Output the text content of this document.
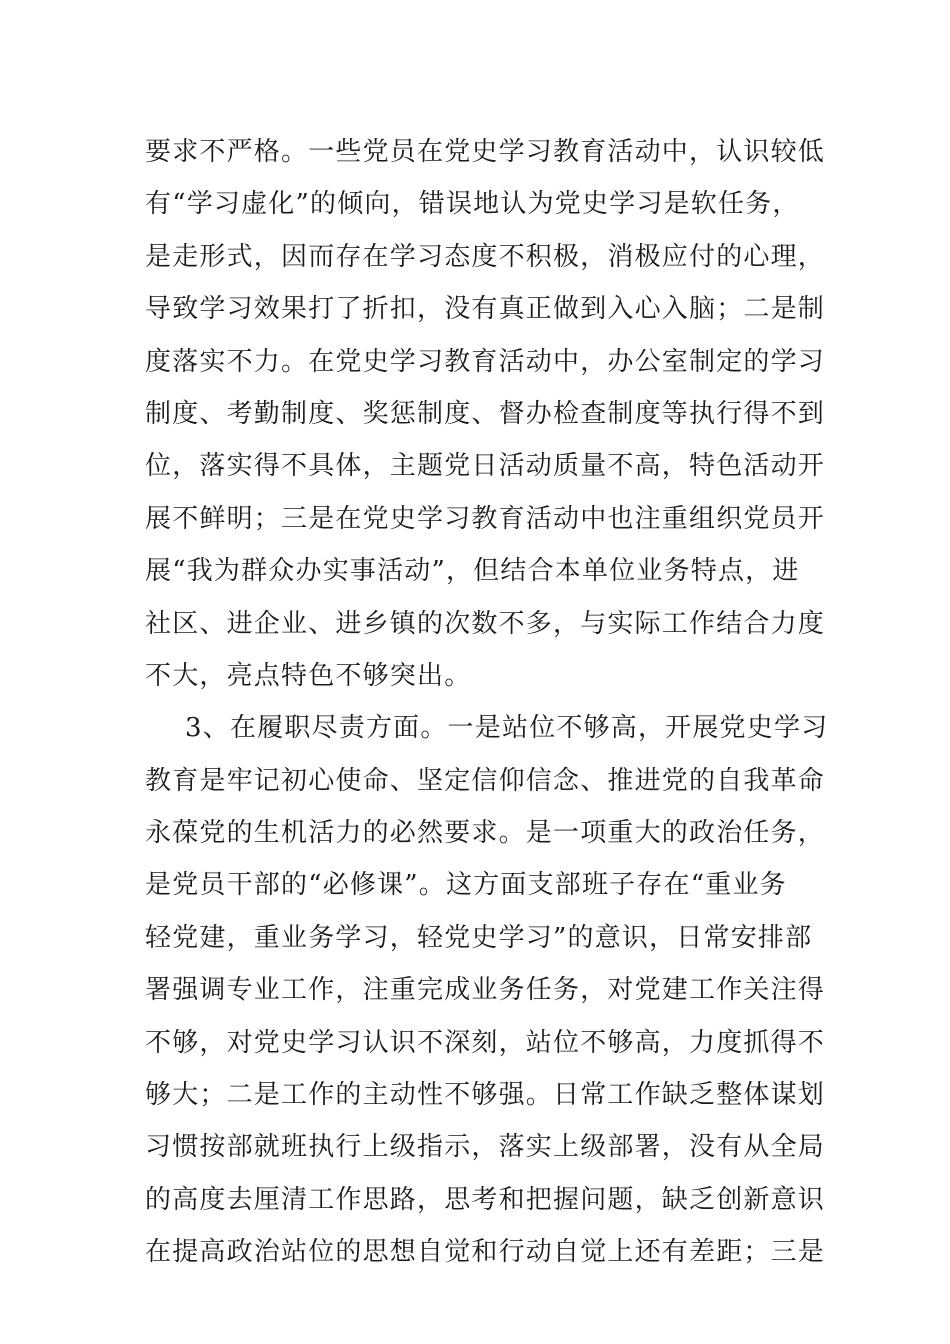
要求不严格。一些党员在党史学习教育活动中，认识较低
有“学习虚化”的倾向，错误地认为党史学习是软任务，
是走形式，因而存在学习态度不积极，消极应付的心理，
导致学习效果打了折扣，没有真正做到入心入脑；二是制
度落实不力。在党史学习教育活动中，办公室制定的学习
制度、考勤制度、奖惩制度、督办检查制度等执行得不到
位，落实得不具体，主题党日活动质量不高，特色活动开
展不鲜明；三是在党史学习教育活动中也注重组织党员开
展“我为群众办实事活动”，但结合本单位业务特点，进
社区、进企业、进乡镇的次数不多，与实际工作结合力度
不大，亮点特色不够突出。
3、在履职尽责方面。一是站位不够高，开展党史学习
教育是牢记初心使命、坚定信仰信念、推进党的自我革命
永葆党的生机活力的必然要求。是一项重大的政治任务，
是党员干部的“必修课”。这方面支部班子存在“重业务
轻党建，重业务学习，轻党史学习”的意识，日常安排部
署强调专业工作，注重完成业务任务，对党建工作关注得
不够，对党史学习认识不深刻，站位不够高，力度抓得不
够大；二是工作的主动性不够强。日常工作缺乏整体谋划
习惯按部就班执行上级指示，落实上级部署，没有从全局
的高度去厘清工作思路，思考和把握问题，缺乏创新意识
在提高政治站位的思想自觉和行动自觉上还有差距；三是
